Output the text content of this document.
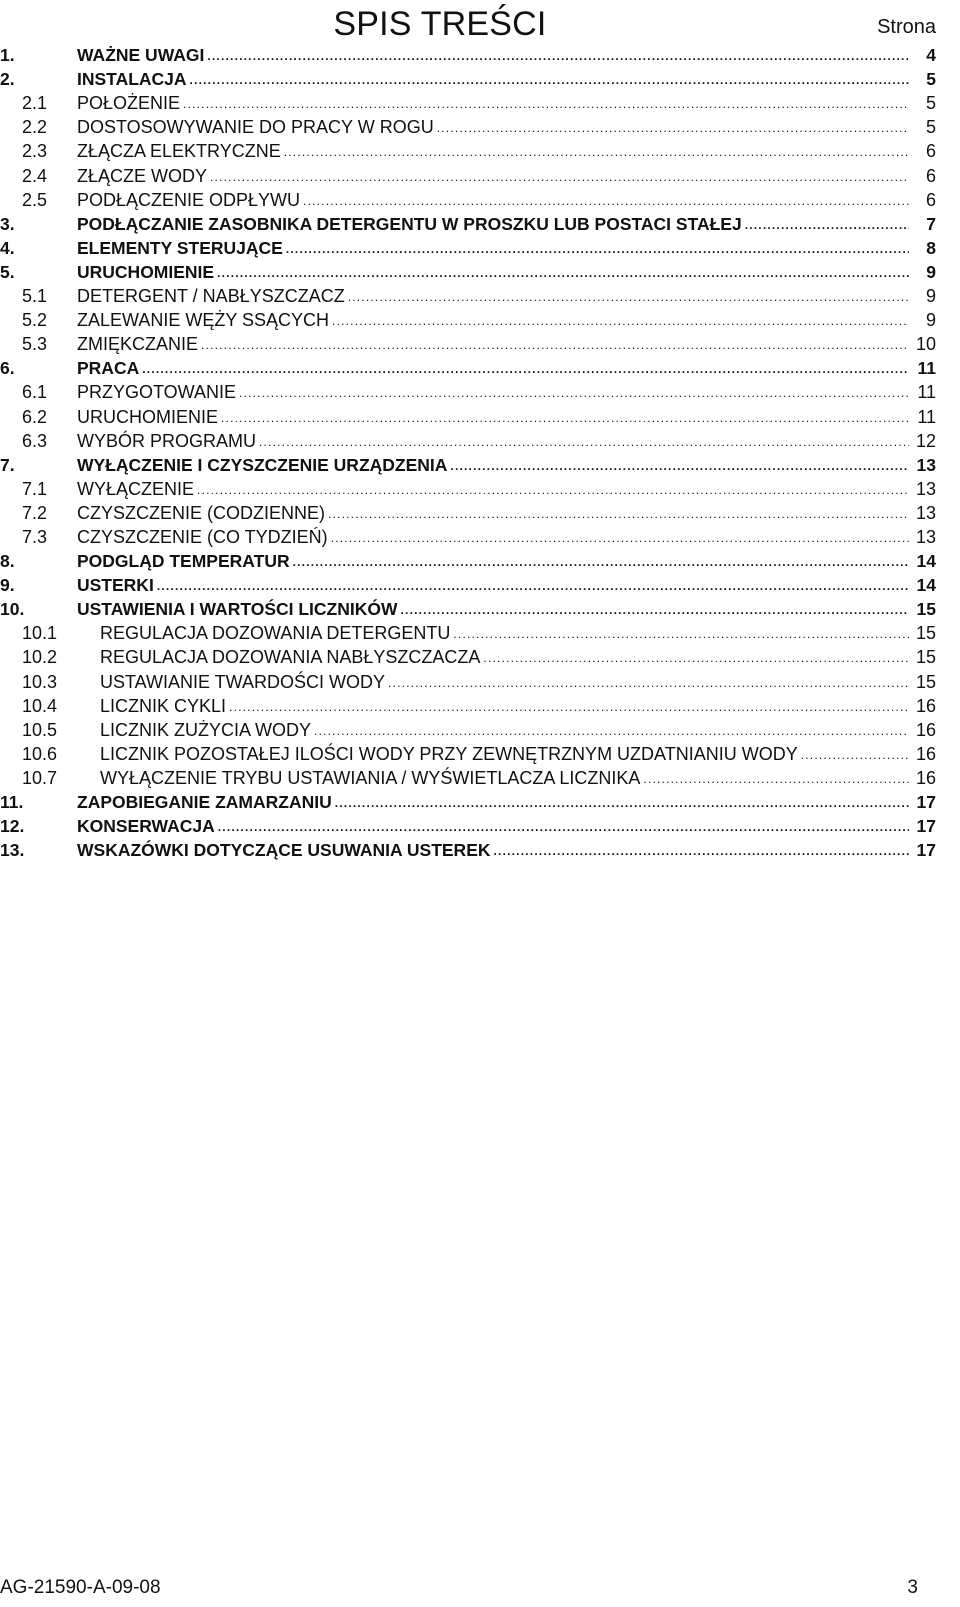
SPIS TREŚCI	Strona
1.	WAŻNE UWAGI .....	4
2.	INSTALACJA .....	5
2.1	POŁOŻENIE .....	5
2.2	DOSTOSOWYWANIE DO PRACY W ROGU .....	5
2.3	ZŁĄCZA ELEKTRYCZNE .....	6
2.4	ZŁĄCZE WODY .....	6
2.5	PODŁĄCZENIE ODPŁYWU .....	6
3.	PODŁĄCZANIE ZASOBNIKA DETERGENTU W PROSZKU LUB POSTACI STAŁEJ .....	7
4.	ELEMENTY STERUJĄCE .....	8
5.	URUCHOMIENIE .....	9
5.1	DETERGENT / NABŁYSZCZACZ .....	9
5.2	ZALEWANIE WĘŻY SSĄCYCH .....	9
5.3	ZMIĘKCZANIE .....	10
6.	PRACA .....	11
6.1	PRZYGOTOWANIE .....	11
6.2	URUCHOMIENIE .....	11
6.3	WYBÓR PROGRAMU .....	12
7.	WYŁĄCZENIE I CZYSZCZENIE URZĄDZENIA .....	13
7.1	WYŁĄCZENIE .....	13
7.2	CZYSZCZENIE (CODZIENNE) .....	13
7.3	CZYSZCZENIE (CO TYDZIEŃ) .....	13
8.	PODGLĄD TEMPERATUR .....	14
9.	USTERKI .....	14
10.	USTAWIENIA I WARTOŚCI LICZNIKÓW .....	15
10.1	REGULACJA DOZOWANIA DETERGENTU .....	15
10.2	REGULACJA DOZOWANIA NABŁYSZCZACZA .....	15
10.3	USTAWIANIE TWARDOŚCI WODY .....	15
10.4	LICZNIK CYKLI .....	16
10.5	LICZNIK ZUŻYCIA WODY .....	16
10.6	LICZNIK POZOSTAŁEJ ILOŚCI WODY PRZY ZEWNĘTRZNYM UZDATNIANIU WODY .....	16
10.7	WYŁĄCZENIE TRYBU USTAWIANIA / WYŚWIETLACZA LICZNIKA .....	16
11.	ZAPOBIEGANIE ZAMARZANIU .....	17
12.	KONSERWACJA .....	17
13.	WSKAZÓWKI DOTYCZĄCE USUWANIA USTEREK .....	17
AG-21590-A-09-08	3
